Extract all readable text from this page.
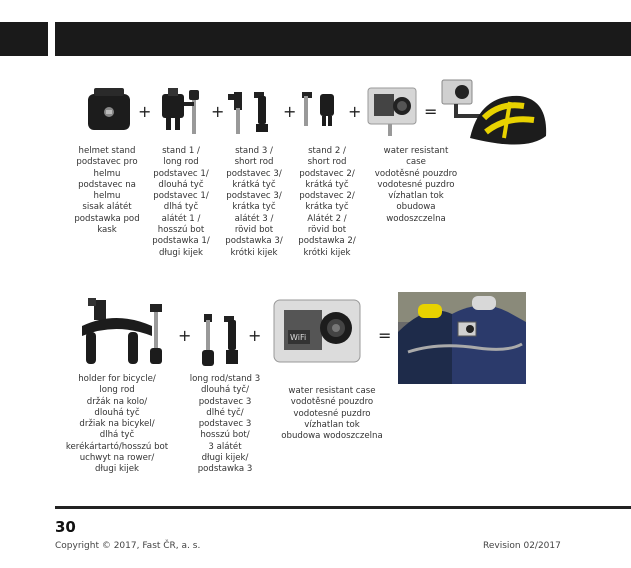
+	+	+	+	=
helmet stand
podstavec pro
helmu
podstavec na
helmu
sisak alátét
podstawka pod
kask
stand 1 /
long rod
podstavec 1/
dlouhá tyč
podstavec 1/
dlhá tyč
alátét 1 /
hosszú bot
podstawka 1/
długi kijek
stand 3 /
short rod
podstavec 3/
krátká tyč
podstavec 3/
krátka tyč
alátét 3 /
rövid bot
podstawka 3/
krótki kijek
stand 2 /
short rod
podstavec 2/
krátká tyč
podstavec 2/
krátka tyč
Alátét 2 /
rövid bot
podstawka 2/
krótki kijek
water resistant
case
vodotěsné pouzdro
vodotesné puzdro
vízhatlan tok
obudowa
wodoszczelna
+	+	WiFi	=
holder for bicycle/
long rod
držák na kolo/
dlouhá tyč
držiak na bicykel/
dlhá tyč
kerékártartó/hosszú bot
uchwyt na rower/
długi kijek
long rod/stand 3
dlouhá tyč/
podstavec 3
dlhé tyč/
podstavec 3
hosszú bot/
3 alátét
długi kijek/
podstawka 3
water resistant case
vodotěsné pouzdro
vodotesné puzdro
vízhatlan tok
obudowa wodoszczelna
30
Copyright © 2017, Fast ČR, a. s.	Revision 02/2017
